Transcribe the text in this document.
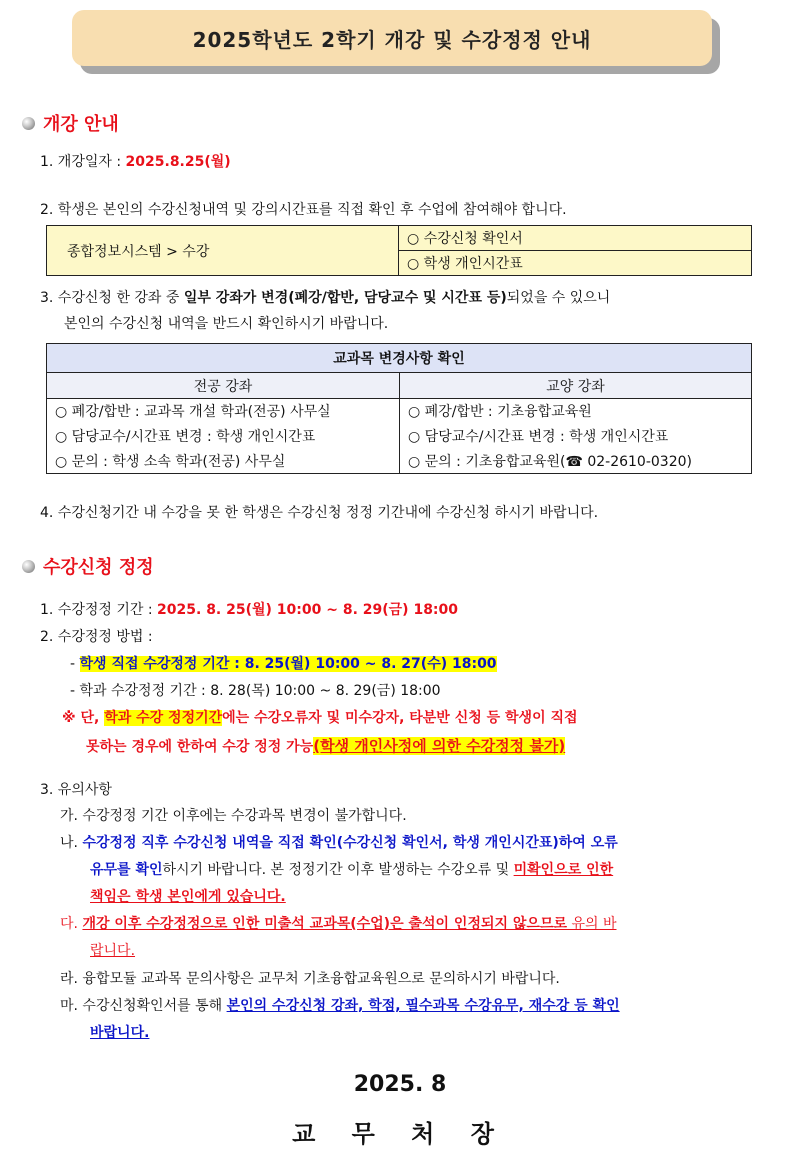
2025학년도 2학기 개강 및 수강정정 안내
개강 안내
1. 개강일자 : 2025.8.25(월)
2. 학생은 본인의 수강신청내역 및 강의시간표를 직접 확인 후 수업에 참여해야 합니다.
종합정보시스템 > 수강	○ 수강신청 확인서
○ 학생 개인시간표
3. 수강신청 한 강좌 중 일부 강좌가 변경(폐강/합반, 담당교수 및 시간표 등)되었을 수 있으니
본인의 수강신청 내역을 반드시 확인하시기 바랍니다.
교과목 변경사항 확인	
전공 강좌	교양 강좌
○ 폐강/합반 : 교과목 개설 학과(전공) 사무실	○ 폐강/합반 : 기초융합교육원
○ 담당교수/시간표 변경 : 학생 개인시간표	○ 담당교수/시간표 변경 : 학생 개인시간표
○ 문의 : 학생 소속 학과(전공) 사무실	○ 문의 : 기초융합교육원(☎ 02-2610-0320)
4. 수강신청기간 내 수강을 못 한 학생은 수강신청 정정 기간내에 수강신청 하시기 바랍니다.
수강신청 정정
1. 수강정정 기간 : 2025. 8. 25(월) 10:00 ~ 8. 29(금) 18:00
2. 수강정정 방법 :
- 학생 직접 수강정정 기간 : 8. 25(월) 10:00 ~ 8. 27(수) 18:00
- 학과 수강정정 기간 : 8. 28(목) 10:00 ~ 8. 29(금) 18:00
※ 단, 학과 수강 정정기간에는 수강오류자 및 미수강자, 타분반 신청 등 학생이 직접
못하는 경우에 한하여 수강 정정 가능(학생 개인사정에 의한 수강정정 불가)
3. 유의사항
가. 수강정정 기간 이후에는 수강과목 변경이 불가합니다.
나. 수강정정 직후 수강신청 내역을 직접 확인(수강신청 확인서, 학생 개인시간표)하여 오류
유무를 확인하시기 바랍니다. 본 정정기간 이후 발생하는 수강오류 및 미확인으로 인한
책임은 학생 본인에게 있습니다.
다. 개강 이후 수강정정으로 인한 미출석 교과목(수업)은 출석이 인정되지 않으므로 유의 바
랍니다.
라. 융합모듈 교과목 문의사항은 교무처 기초융합교육원으로 문의하시기 바랍니다.
마. 수강신청확인서를 통해 본인의 수강신청 강좌, 학점, 필수과목 수강유무, 재수강 등 확인
바랍니다.
2025. 8
교 무 처 장
